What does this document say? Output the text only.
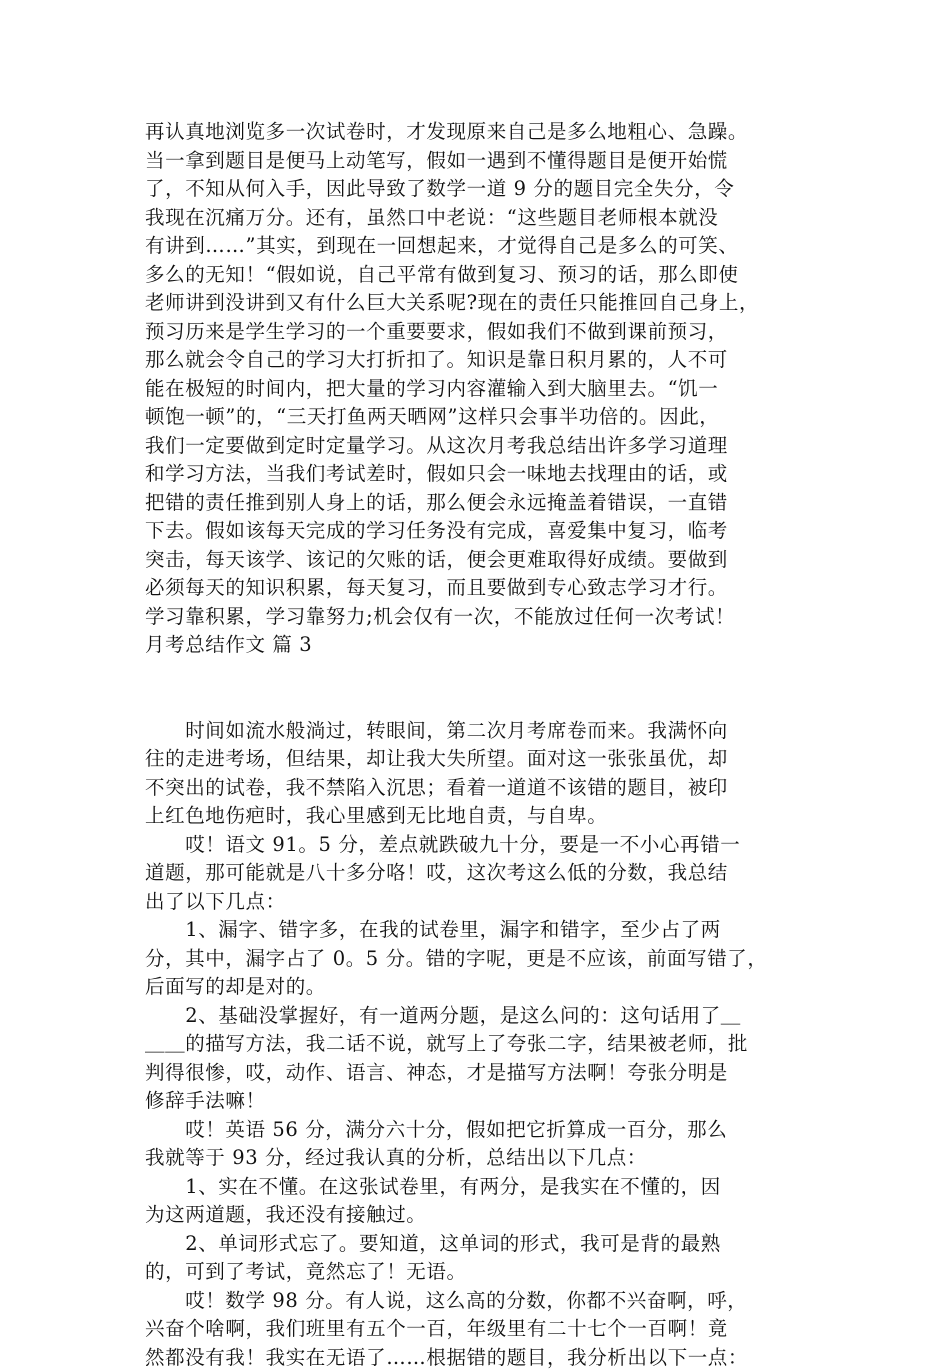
再认真地浏览多一次试卷时，才发现原来自己是多么地粗心、急躁。
当一拿到题目是便马上动笔写，假如一遇到不懂得题目是便开始慌
了，不知从何入手，因此导致了数学一道 9 分的题目完全失分，令
我现在沉痛万分。还有，虽然口中老说：“这些题目老师根本就没
有讲到……”其实，到现在一回想起来，才觉得自己是多么的可笑、
多么的无知！“假如说，自己平常有做到复习、预习的话，那么即使
老师讲到没讲到又有什么巨大关系呢?现在的责任只能推回自己身上，
预习历来是学生学习的一个重要要求，假如我们不做到课前预习，
那么就会令自己的学习大打折扣了。知识是靠日积月累的，人不可
能在极短的时间内，把大量的学习内容灌输入到大脑里去。“饥一
顿饱一顿”的，“三天打鱼两天晒网”这样只会事半功倍的。因此，
我们一定要做到定时定量学习。从这次月考我总结出许多学习道理
和学习方法，当我们考试差时，假如只会一味地去找理由的话，或
把错的责任推到别人身上的话，那么便会永远掩盖着错误，一直错
下去。假如该每天完成的学习任务没有完成，喜爱集中复习，临考
突击，每天该学、该记的欠账的话，便会更难取得好成绩。要做到
必须每天的知识积累，每天复习，而且要做到专心致志学习才行。
学习靠积累，学习靠努力;机会仅有一次，不能放过任何一次考试！
月考总结作文 篇 3
　　时间如流水般淌过，转眼间，第二次月考席卷而来。我满怀向
往的走进考场，但结果，却让我大失所望。面对这一张张虽优，却
不突出的试卷，我不禁陷入沉思；看着一道道不该错的题目，被印
上红色地伤疤时，我心里感到无比地自责，与自卑。
　　哎！语文 91。5 分，差点就跌破九十分，要是一不小心再错一
道题，那可能就是八十多分咯！哎，这次考这么低的分数，我总结
出了以下几点：
　　1、漏字、错字多，在我的试卷里，漏字和错字，至少占了两
分，其中，漏字占了 0。5 分。错的字呢，更是不应该，前面写错了，
后面写的却是对的。
　　2、基础没掌握好，有一道两分题，是这么问的：这句话用了＿
＿＿的描写方法，我二话不说，就写上了夸张二字，结果被老师，批
判得很惨，哎，动作、语言、神态，才是描写方法啊！夸张分明是
修辞手法嘛！
　　哎！英语 56 分，满分六十分，假如把它折算成一百分，那么
我就等于 93 分，经过我认真的分析，总结出以下几点：
　　1、实在不懂。在这张试卷里，有两分，是我实在不懂的，因
为这两道题，我还没有接触过。
　　2、单词形式忘了。要知道，这单词的形式，我可是背的最熟
的，可到了考试，竟然忘了！无语。
　　哎！数学 98 分。有人说，这么高的分数，你都不兴奋啊，呼，
兴奋个啥啊，我们班里有五个一百，年级里有二十七个一百啊！竟
然都没有我！我实在无语了……根据错的题目，我分析出以下一点：
